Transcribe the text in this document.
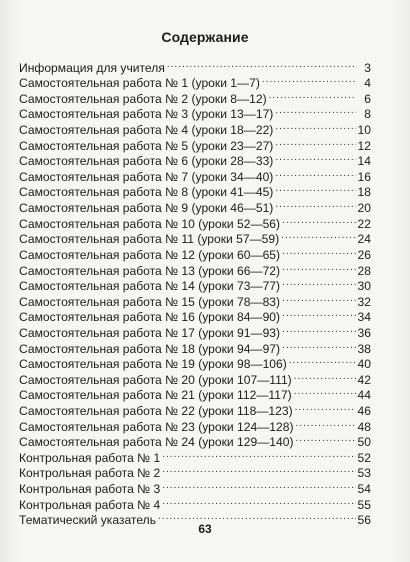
Содержание
Информация для учителя .....	3
Самостоятельная работа № 1 (уроки 1—7) .....	4
Самостоятельная работа № 2 (уроки 8—12) .....	6
Самостоятельная работа № 3 (уроки 13—17) .....	8
Самостоятельная работа № 4 (уроки 18—22) .....	10
Самостоятельная работа № 5 (уроки 23—27) .....	12
Самостоятельная работа № 6 (уроки 28—33) .....	14
Самостоятельная работа № 7 (уроки 34—40) .....	16
Самостоятельная работа № 8 (уроки 41—45) .....	18
Самостоятельная работа № 9 (уроки 46—51) .....	20
Самостоятельная работа № 10 (уроки 52—56) .....	22
Самостоятельная работа № 11 (уроки 57—59) .....	24
Самостоятельная работа № 12 (уроки 60—65) .....	26
Самостоятельная работа № 13 (уроки 66—72) .....	28
Самостоятельная работа № 14 (уроки 73—77) .....	30
Самостоятельная работа № 15 (уроки 78—83) .....	32
Самостоятельная работа № 16 (уроки 84—90) .....	34
Самостоятельная работа № 17 (уроки 91—93) .....	36
Самостоятельная работа № 18 (уроки 94—97) .....	38
Самостоятельная работа № 19 (уроки 98—106) .....	40
Самостоятельная работа № 20 (уроки 107—111) .....	42
Самостоятельная работа № 21 (уроки 112—117) .....	44
Самостоятельная работа № 22 (уроки 118—123) .....	46
Самостоятельная работа № 23 (уроки 124—128) .....	48
Самостоятельная работа № 24 (уроки 129—140) .....	50
Контрольная работа № 1 .....	52
Контрольная работа № 2 .....	53
Контрольная работа № 3 .....	54
Контрольная работа № 4 .....	55
Тематический указатель .....	56
63
